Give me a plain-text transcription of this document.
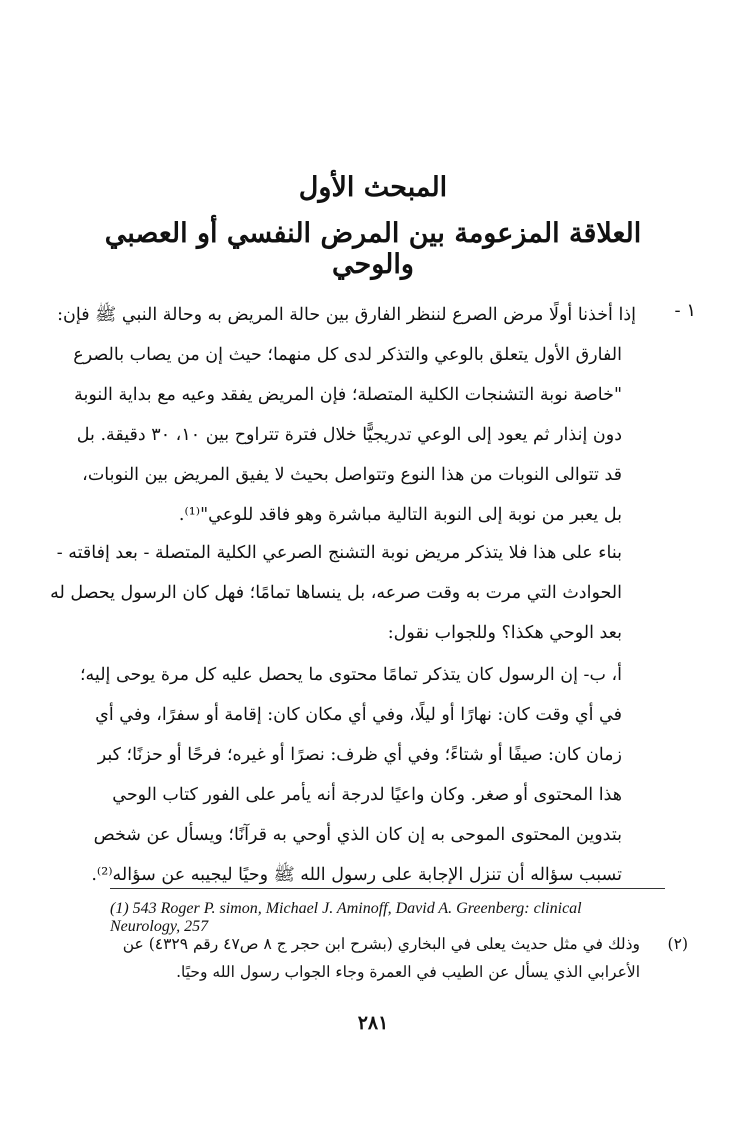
المبحث الأول
العلاقة المزعومة بين المرض النفسي أو العصبي والوحي
١ -
إذا أخذنا أولًا مرض الصرع لننظر الفارق بين حالة المريض به وحالة النبي ﷺ فإن:
الفارق الأول يتعلق بالوعي والتذكر لدى كل منهما؛ حيث إن من يصاب بالصرع
"خاصة نوبة التشنجات الكلية المتصلة؛ فإن المريض يفقد وعيه مع بداية النوبة
دون إنذار ثم يعود إلى الوعي تدريجيًّا خلال فترة تتراوح بين ١٠، ٣٠ دقيقة. بل
قد تتوالى النوبات من هذا النوع وتتواصل بحيث لا يفيق المريض بين النوبات،
بل يعبر من نوبة إلى النوبة التالية مباشرة وهو فاقد للوعي"⁽¹⁾.
بناء على هذا فلا يتذكر مريض نوبة التشنج الصرعي الكلية المتصلة - بعد إفاقته -
الحوادث التي مرت به وقت صرعه، بل ينساها تمامًا؛ فهل كان الرسول يحصل له
بعد الوحي هكذا؟ وللجواب نقول:
أ، ب- إن الرسول كان يتذكر تمامًا محتوى ما يحصل عليه كل مرة يوحى إليه؛
في أي وقت كان: نهارًا أو ليلًا، وفي أي مكان كان: إقامة أو سفرًا، وفي أي
زمان كان: صيفًا أو شتاءً؛ وفي أي ظرف: نصرًا أو غيره؛ فرحًا أو حزنًا؛ كبر
هذا المحتوى أو صغر. وكان واعيًا لدرجة أنه يأمر على الفور كتاب الوحي
بتدوين المحتوى الموحى به إن كان الذي أوحي به قرآنًا؛ ويسأل عن شخص
تسبب سؤاله أن تنزل الإجابة على رسول الله ﷺ وحيًا ليجيبه عن سؤاله⁽²⁾.
(1) 543 Roger P. simon, Michael J. Aminoff, David A. Greenberg: clinical Neurology, 257
(٢)
وذلك في مثل حديث يعلى في البخاري (بشرح ابن حجر ج ٨ ص٤٧ رقم ٤٣٢٩) عن
الأعرابي الذي يسأل عن الطيب في العمرة وجاء الجواب رسول الله وحيًا.
٢٨١
